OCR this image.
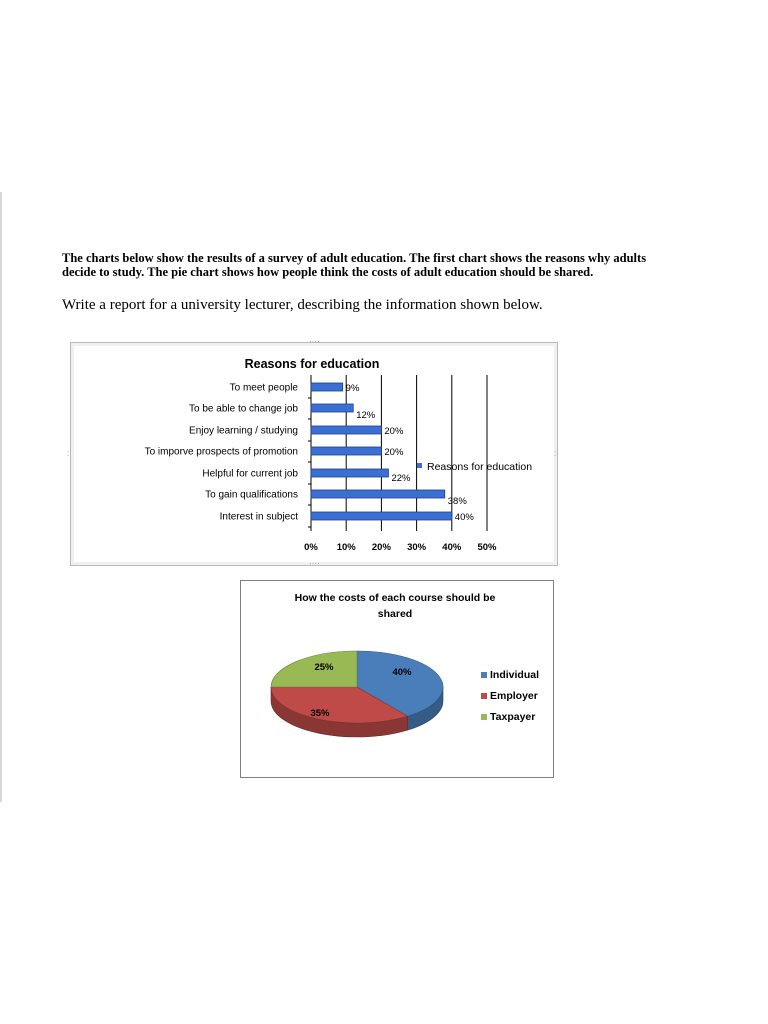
The charts below show the results of a survey of adult education. The first chart shows the reasons why adults
decide to study. The pie chart shows how people think the costs of adult education should be shared.
Write a report for a university lecturer, describing the information shown below.
····
····
:	:
Reasons for education
0% 10% 20% 30% 40% 50%
To meet people	9%
To be able to change job
12%
Enjoy learning / studying	20%
To imporve prospects of promotion	20%
Helpful for current job	22%
To gain qualifications
38%
Interest in subject	40%
Reasons for education
How the costs of each course should be
shared
40%
35%
25%
Individual
Employer
Taxpayer
